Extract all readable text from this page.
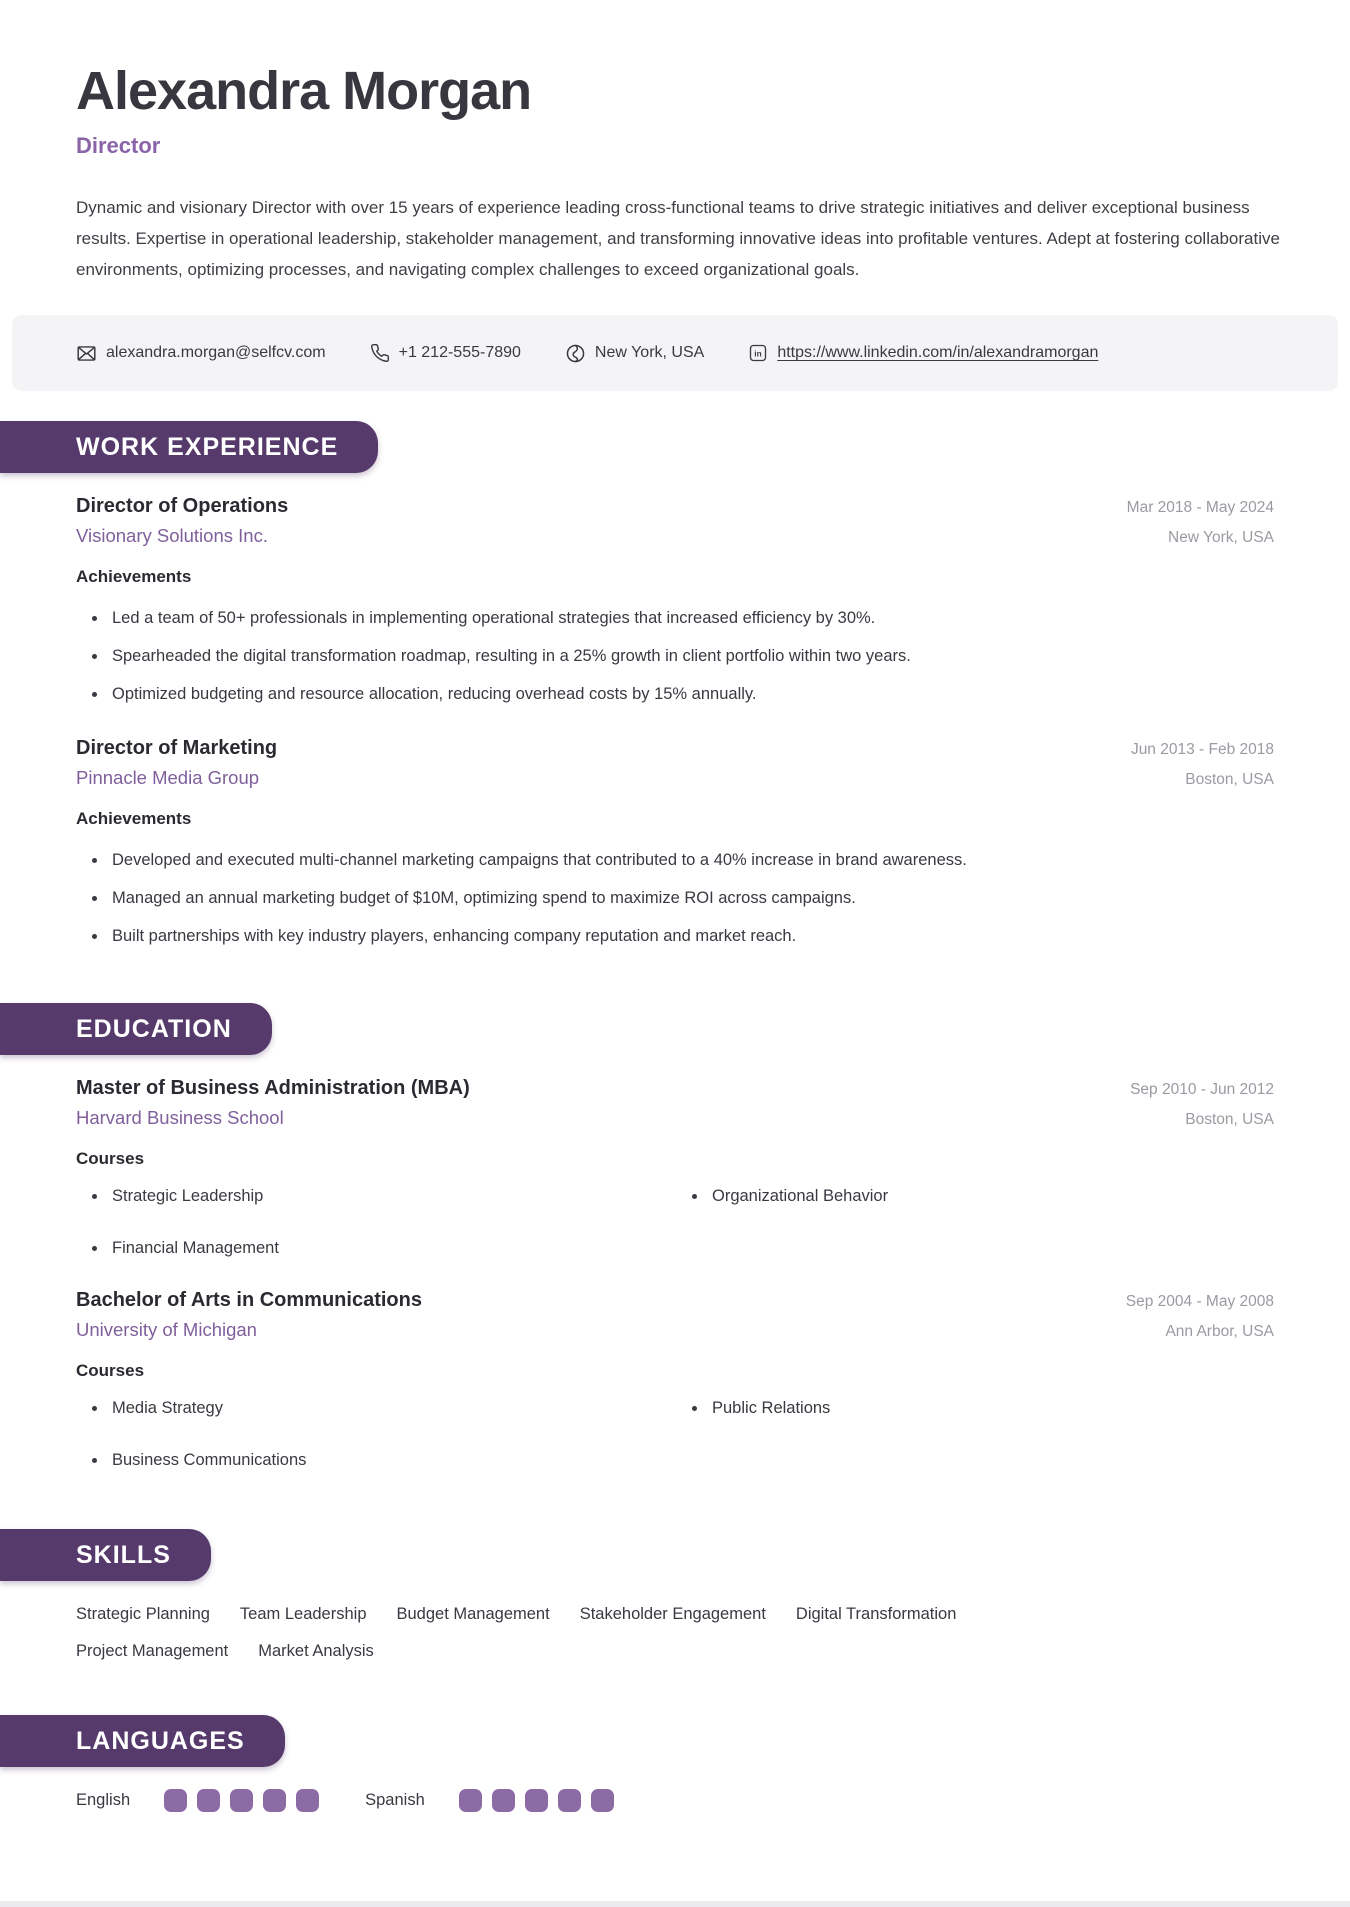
Alexandra Morgan
Director

Dynamic and visionary Director with over 15 years of experience leading cross-functional teams to drive strategic initiatives and deliver exceptional business results. Expertise in operational leadership, stakeholder management, and transforming innovative ideas into profitable ventures. Adept at fostering collaborative environments, optimizing processes, and navigating complex challenges to exceed organizational goals.

alexandra.morgan@selfcv.com	+1 212-555-7890	New York, USA	in https://www.linkedin.com/in/alexandramorgan
WORK EXPERIENCE
Director of Operations	Mar 2018 - May 2024
Visionary Solutions Inc.	New York, USA
Achievements
Led a team of 50+ professionals in implementing operational strategies that increased efficiency by 30%.
Spearheaded the digital transformation roadmap, resulting in a 25% growth in client portfolio within two years.
Optimized budgeting and resource allocation, reducing overhead costs by 15% annually.
Director of Marketing	Jun 2013 - Feb 2018
Pinnacle Media Group	Boston, USA
Achievements
Developed and executed multi-channel marketing campaigns that contributed to a 40% increase in brand awareness.
Managed an annual marketing budget of $10M, optimizing spend to maximize ROI across campaigns.
Built partnerships with key industry players, enhancing company reputation and market reach.
EDUCATION
Master of Business Administration (MBA)	Sep 2010 - Jun 2012
Harvard Business School	Boston, USA
Courses
Strategic Leadership	Organizational Behavior
Financial Management
Bachelor of Arts in Communications	Sep 2004 - May 2008
University of Michigan	Ann Arbor, USA
Courses
Media Strategy	Public Relations
Business Communications
SKILLS
Strategic Planning Team Leadership Budget Management Stakeholder Engagement Digital Transformation
Project Management Market Analysis
LANGUAGES
English	Spanish
